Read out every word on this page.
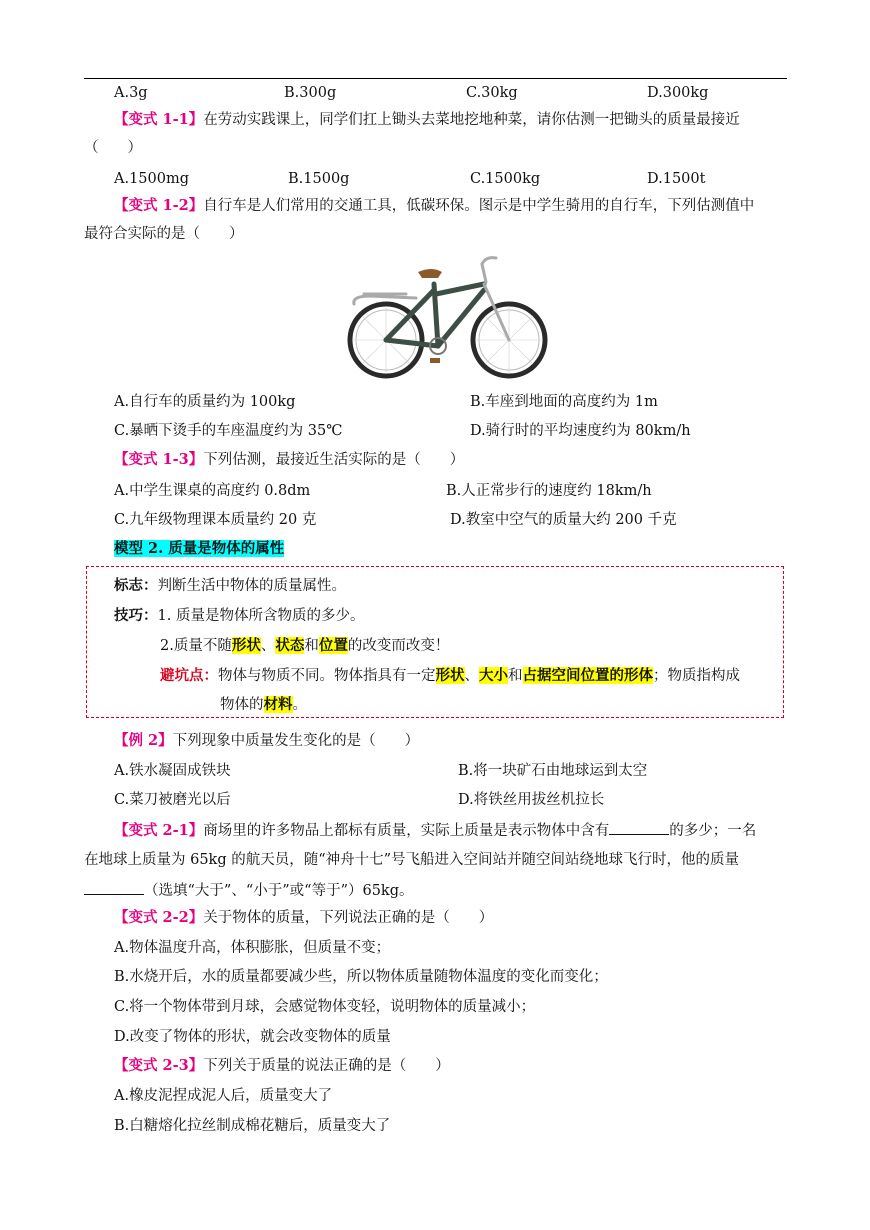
A.3g	B.300g	C.30kg	D.300kg
【变式 1-1】在劳动实践课上，同学们扛上锄头去菜地挖地种菜，请你估测一把锄头的质量最接近
（　　）
A.1500mg	B.1500g	C.1500kg	D.1500t
【变式 1-2】自行车是人们常用的交通工具，低碳环保。图示是中学生骑用的自行车，下列估测值中
最符合实际的是（　　）
A.自行车的质量约为 100kg	B.车座到地面的高度约为 1m
C.暴晒下烫手的车座温度约为 35℃	D.骑行时的平均速度约为 80km/h
【变式 1-3】下列估测，最接近生活实际的是（　　）
A.中学生课桌的高度约 0.8dm	B.人正常步行的速度约 18km/h
C.九年级物理课本质量约 20 克	D.教室中空气的质量大约 200 千克
模型 2. 质量是物体的属性
标志：判断生活中物体的质量属性。
技巧：1. 质量是物体所含物质的多少。
2.质量不随形状、状态和位置的改变而改变！
避坑点：物体与物质不同。物体指具有一定形状、大小和占据空间位置的形体；物质指构成
物体的材料。
【例 2】下列现象中质量发生变化的是（　　）
A.铁水凝固成铁块	B.将一块矿石由地球运到太空
C.菜刀被磨光以后	D.将铁丝用拔丝机拉长
【变式 2-1】商场里的许多物品上都标有质量，实际上质量是表示物体中含有	的多少；一名
在地球上质量为 65kg 的航天员，随“神舟十七”号飞船进入空间站并随空间站绕地球飞行时，他的质量
（选填“大于”、“小于”或“等于”）65kg。
【变式 2-2】关于物体的质量，下列说法正确的是（　　）
A.物体温度升高，体积膨胀，但质量不变；
B.水烧开后，水的质量都要减少些，所以物体质量随物体温度的变化而变化；
C.将一个物体带到月球，会感觉物体变轻，说明物体的质量减小；
D.改变了物体的形状，就会改变物体的质量
【变式 2-3】下列关于质量的说法正确的是（　　）
A.橡皮泥捏成泥人后，质量变大了
B.白糖熔化拉丝制成棉花糖后，质量变大了
